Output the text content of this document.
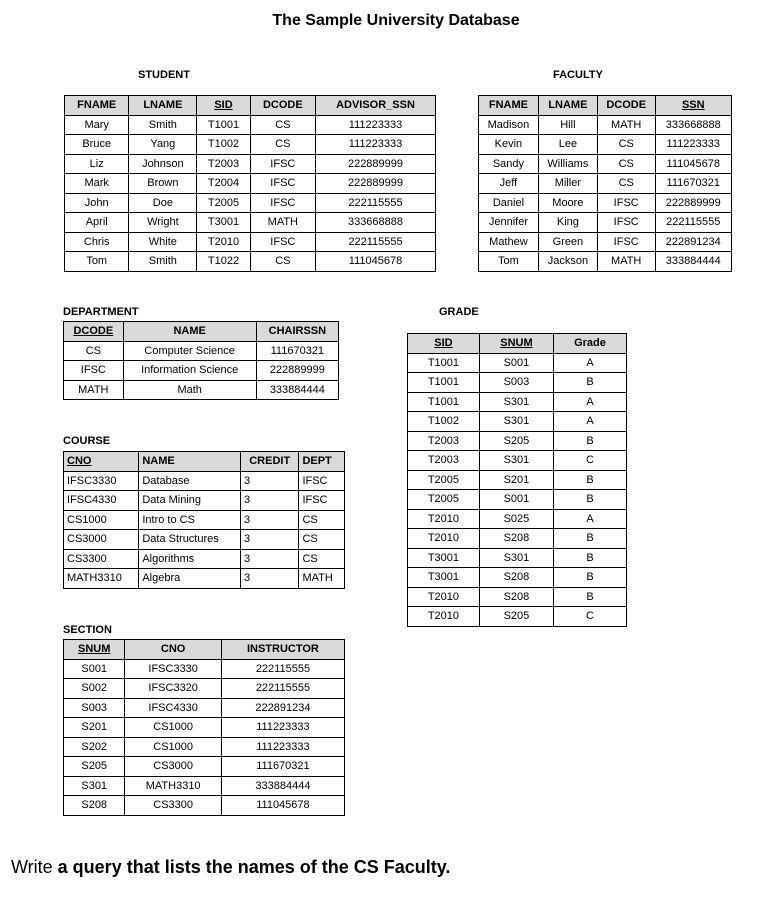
The Sample University Database
STUDENT
FNAME	LNAME	SID	DCODE	ADVISOR_SSN
Mary	Smith	T1001	CS	111223333
Bruce	Yang	T1002	CS	111223333
Liz	Johnson	T2003	IFSC	222889999
Mark	Brown	T2004	IFSC	222889999
John	Doe	T2005	IFSC	222115555
April	Wright	T3001	MATH	333668888
Chris	White	T2010	IFSC	222115555
Tom	Smith	T1022	CS	111045678
FACULTY
FNAME	LNAME	DCODE	SSN
Madison	Hill	MATH	333668888
Kevin	Lee	CS	111223333
Sandy	Williams	CS	111045678
Jeff	Miller	CS	111670321
Daniel	Moore	IFSC	222889999
Jennifer	King	IFSC	222115555
Mathew	Green	IFSC	222891234
Tom	Jackson	MATH	333884444
DEPARTMENT
DCODE	NAME	CHAIRSSN
CS	Computer Science	111670321
IFSC	Information Science	222889999
MATH	Math	333884444
COURSE
CNO	NAME	CREDIT	DEPT
IFSC3330	Database	3	IFSC
IFSC4330	Data Mining	3	IFSC
CS1000	Intro to CS	3	CS
CS3000	Data Structures	3	CS
CS3300	Algorithms	3	CS
MATH3310	Algebra	3	MATH
SECTION
SNUM	CNO	INSTRUCTOR
S001	IFSC3330	222115555
S002	IFSC3320	222115555
S003	IFSC4330	222891234
S201	CS1000	111223333
S202	CS1000	111223333
S205	CS3000	111670321
S301	MATH3310	333884444
S208	CS3300	111045678
GRADE
SID	SNUM	Grade
T1001	S001	A
T1001	S003	B
T1001	S301	A
T1002	S301	A
T2003	S205	B
T2003	S301	C
T2005	S201	B
T2005	S001	B
T2010	S025	A
T2010	S208	B
T3001	S301	B
T3001	S208	B
T2010	S208	B
T2010	S205	C
Write a query that lists the names of the CS Faculty.
